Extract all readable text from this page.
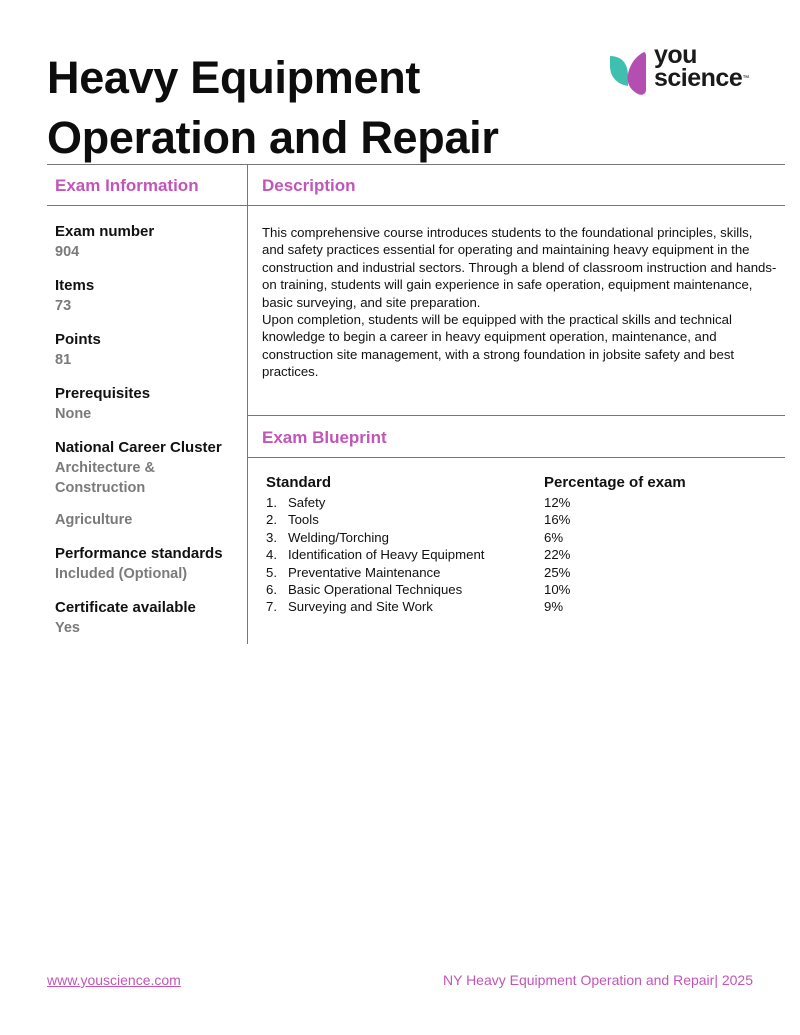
Heavy Equipment Operation and Repair
you
science™
Exam Information	Description
Exam Blueprint
Exam number
904
Items
73
Points
81
Prerequisites
None
National Career Cluster
Architecture & Construction
Agriculture
Performance standards
Included (Optional)
Certificate available
Yes

This comprehensive course introduces students to the foundational principles, skills, and safety practices essential for operating and maintaining heavy equipment in the construction and industrial sectors. Through a blend of classroom instruction and hands-on training, students will gain experience in safe operation, equipment maintenance, basic surveying, and site preparation.

Upon completion, students will be equipped with the practical skills and technical knowledge to begin a career in heavy equipment operation, maintenance, and construction site management, with a strong foundation in jobsite safety and best practices.

Standard	Percentage of exam
1. Safety	12%
2. Tools	16%
3. Welding/Torching	6%
4. Identification of Heavy Equipment	22%
5. Preventative Maintenance	25%
6. Basic Operational Techniques	10%
7. Surveying and Site Work	9%
www.youscience.com	NY Heavy Equipment Operation and Repair| 2025
